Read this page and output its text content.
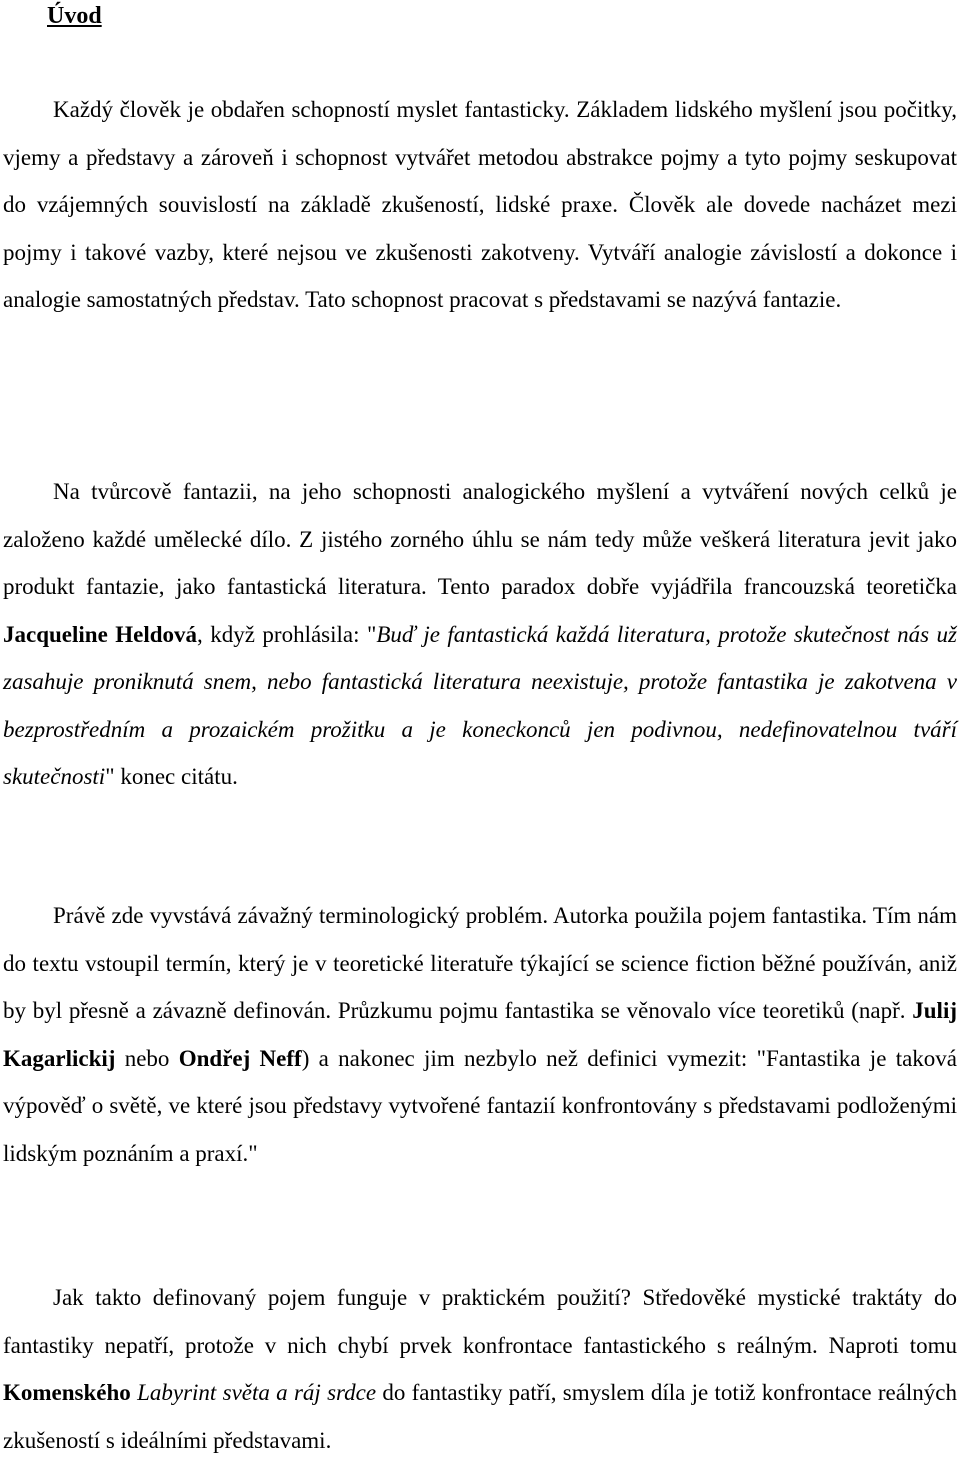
Úvod

Každý člověk je obdařen schopností myslet fantasticky. Základem lidského myšlení jsou počitky, vjemy a představy a zároveň i schopnost vytvářet metodou abstrakce pojmy a tyto pojmy seskupovat do vzájemných souvislostí na základě zkušeností, lidské praxe. Člověk ale dovede nacházet mezi pojmy i takové vazby, které nejsou ve zkušenosti zakotveny. Vytváří analogie závislostí a dokonce i analogie samostatných představ. Tato schopnost pracovat s představami se nazývá fantazie.

Na tvůrcově fantazii, na jeho schopnosti analogického myšlení a vytváření nových celků je založeno každé umělecké dílo. Z jistého zorného úhlu se nám tedy může veškerá literatura jevit jako produkt fantazie, jako fantastická literatura. Tento paradox dobře vyjádřila francouzská teoretička Jacqueline Heldová, když prohlásila: "Buď je fantastická každá literatura, protože skutečnost nás už zasahuje proniknutá snem, nebo fantastická literatura neexistuje, protože fantastika je zakotvena v bezprostředním a prozaickém prožitku a je koneckonců jen podivnou, nedefinovatelnou tváří skutečnosti" konec citátu.

Právě zde vyvstává závažný terminologický problém. Autorka použila pojem fantastika. Tím nám do textu vstoupil termín, který je v teoretické literatuře týkající se science fiction běžné používán, aniž by byl přesně a závazně definován. Průzkumu pojmu fantastika se věnovalo více teoretiků (např. Julij Kagarlickij nebo Ondřej Neff) a nakonec jim nezbylo než definici vymezit: "Fantastika je taková výpověď o světě, ve které jsou představy vytvořené fantazií konfrontovány s představami podloženými lidským poznáním a praxí."

Jak takto definovaný pojem funguje v praktickém použití? Středověké mystické traktáty do fantastiky nepatří, protože v nich chybí prvek konfrontace fantastického s reálným. Naproti tomu Komenského Labyrint světa a ráj srdce do fantastiky patří, smyslem díla je totiž konfrontace reálných zkušeností s ideálními představami.
